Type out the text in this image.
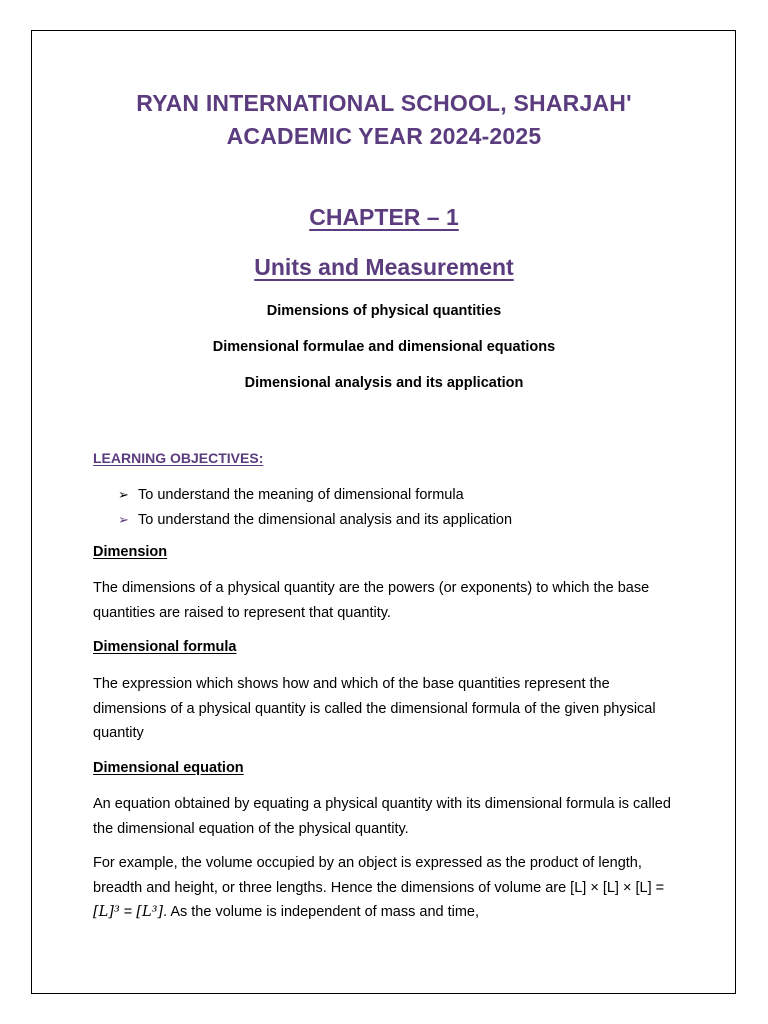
RYAN INTERNATIONAL SCHOOL, SHARJAH'
ACADEMIC YEAR 2024-2025
CHAPTER – 1
Units and Measurement
Dimensions of physical quantities
Dimensional formulae and dimensional equations
Dimensional analysis and its application
LEARNING OBJECTIVES:
➢ To understand the meaning of dimensional formula
➢ To understand the dimensional analysis and its application
Dimension
The dimensions of a physical quantity are the powers (or exponents) to which the base quantities are raised to represent that quantity.
Dimensional formula
The expression which shows how and which of the base quantities represent the dimensions of a physical quantity is called the dimensional formula of the given physical quantity
Dimensional equation
An equation obtained by equating a physical quantity with its dimensional formula is called the dimensional equation of the physical quantity.
For example, the volume occupied by an object is expressed as the product of length, breadth and height, or three lengths. Hence the dimensions of volume are [L] × [L] × [L] = [L]³ = [L³]. As the volume is independent of mass and time,
